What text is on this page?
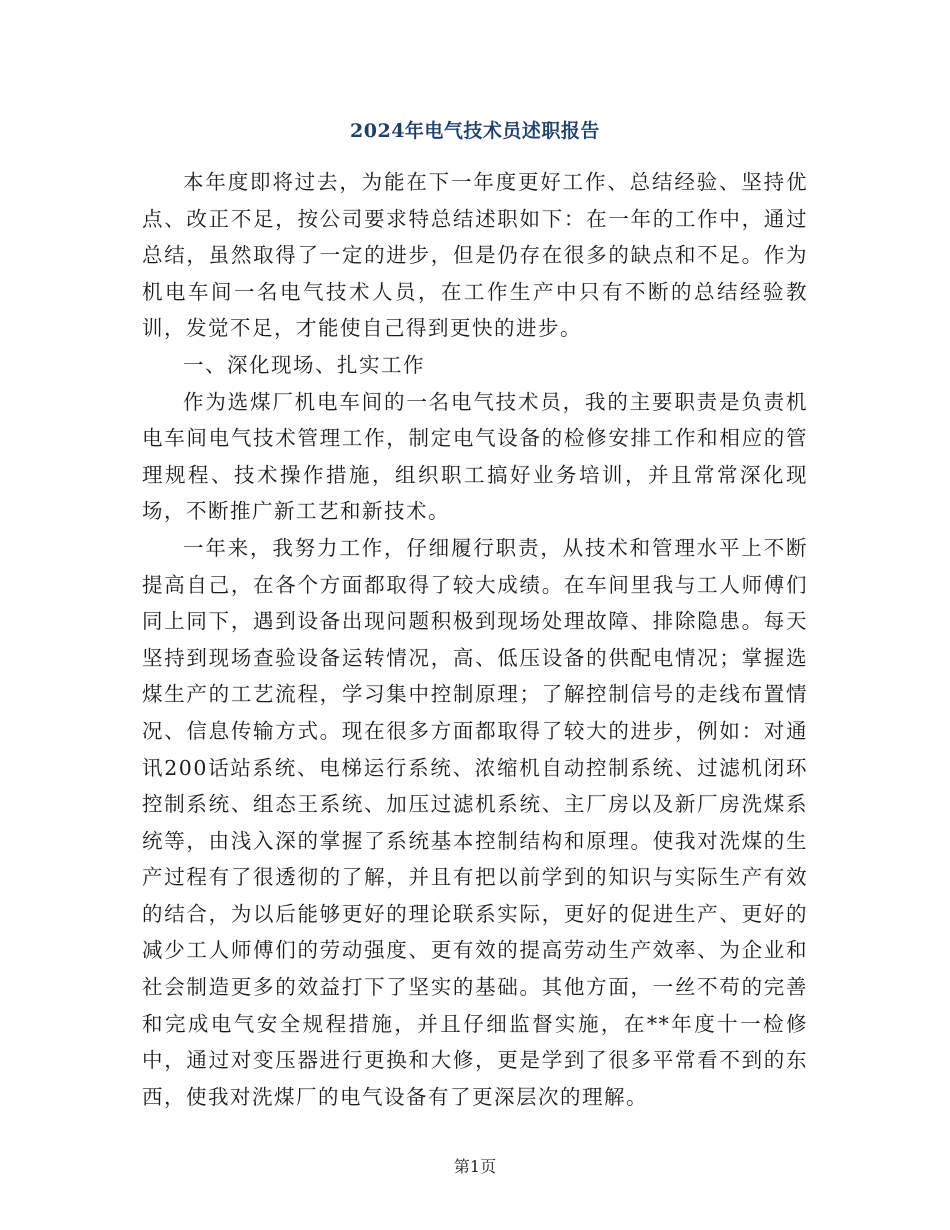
2024年电气技术员述职报告

本年度即将过去，为能在下一年度更好工作、总结经验、坚持优点、改正不足，按公司要求特总结述职如下：在一年的工作中，通过总结，虽然取得了一定的进步，但是仍存在很多的缺点和不足。作为机电车间一名电气技术人员，在工作生产中只有不断的总结经验教训，发觉不足，才能使自己得到更快的进步。

一、深化现场、扎实工作

作为选煤厂机电车间的一名电气技术员，我的主要职责是负责机电车间电气技术管理工作，制定电气设备的检修安排工作和相应的管理规程、技术操作措施，组织职工搞好业务培训，并且常常深化现场，不断推广新工艺和新技术。

一年来，我努力工作，仔细履行职责，从技术和管理水平上不断提高自己，在各个方面都取得了较大成绩。在车间里我与工人师傅们同上同下，遇到设备出现问题积极到现场处理故障、排除隐患。每天坚持到现场查验设备运转情况，高、低压设备的供配电情况；掌握选煤生产的工艺流程，学习集中控制原理；了解控制信号的走线布置情况、信息传输方式。现在很多方面都取得了较大的进步，例如：对通讯200话站系统、电梯运行系统、浓缩机自动控制系统、过滤机闭环控制系统、组态王系统、加压过滤机系统、主厂房以及新厂房洗煤系统等，由浅入深的掌握了系统基本控制结构和原理。使我对洗煤的生产过程有了很透彻的了解，并且有把以前学到的知识与实际生产有效的结合，为以后能够更好的理论联系实际，更好的促进生产、更好的减少工人师傅们的劳动强度、更有效的提高劳动生产效率、为企业和社会制造更多的效益打下了坚实的基础。其他方面，一丝不苟的完善和完成电气安全规程措施，并且仔细监督实施，在**年度十一检修中，通过对变压器进行更换和大修，更是学到了很多平常看不到的东西，使我对洗煤厂的电气设备有了更深层次的理解。

第1页
